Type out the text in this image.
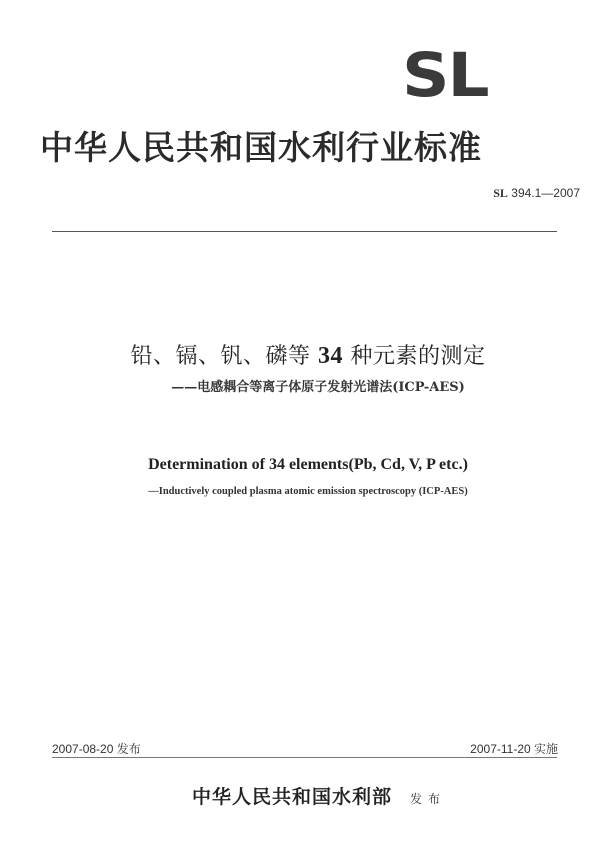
SL
中华人民共和国水利行业标准
SL 394.1—2007
铅、镉、钒、磷等 34 种元素的测定
——电感耦合等离子体原子发射光谱法(ICP-AES)
Determination of 34 elements(Pb, Cd, V, P etc.)
—Inductively coupled plasma atomic emission spectroscopy (ICP-AES)
2007-08-20 发布	2007-11-20 实施
中华人民共和国水利部 发布
